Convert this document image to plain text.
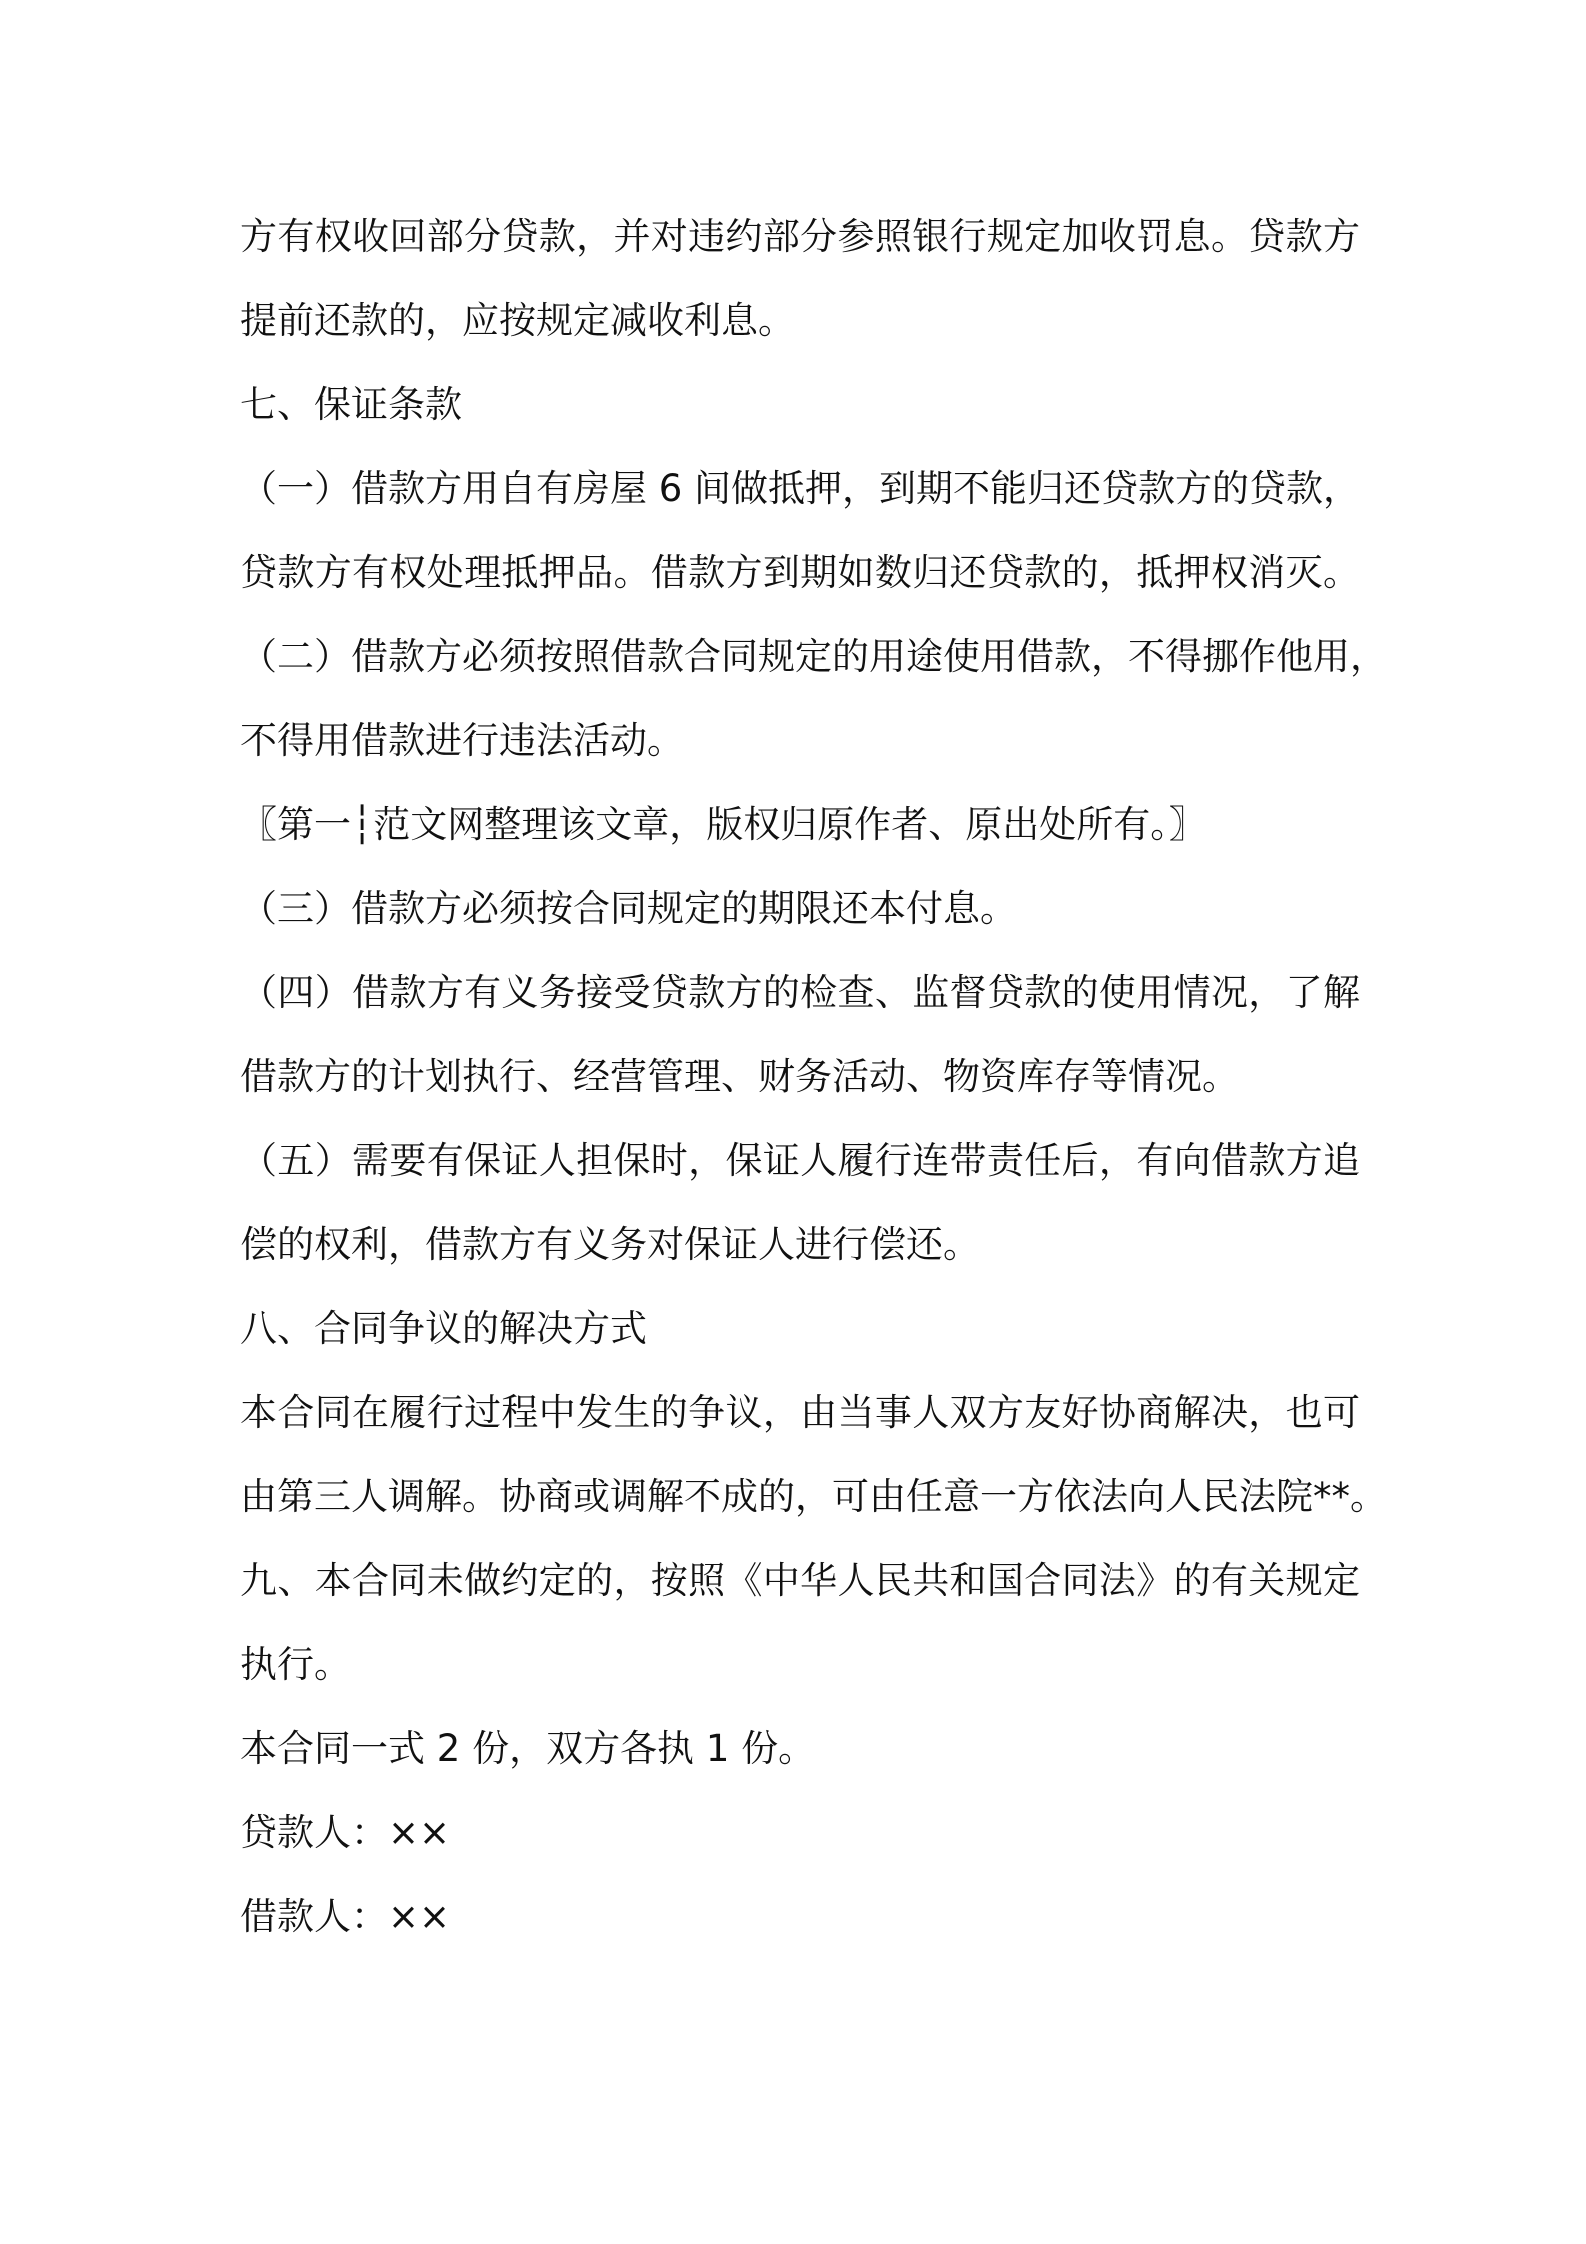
方有权收回部分贷款，并对违约部分参照银行规定加收罚息。贷款方
提前还款的，应按规定减收利息。
七、保证条款
（一）借款方用自有房屋 6 间做抵押，到期不能归还贷款方的贷款，
贷款方有权处理抵押品。借款方到期如数归还贷款的，抵押权消灭。
（二）借款方必须按照借款合同规定的用途使用借款，不得挪作他用，
不得用借款进行违法活动。
〖第一┆范文网整理该文章，版权归原作者、原出处所有。〗
（三）借款方必须按合同规定的期限还本付息。
（四）借款方有义务接受贷款方的检查、监督贷款的使用情况，了解
借款方的计划执行、经营管理、财务活动、物资库存等情况。
（五）需要有保证人担保时，保证人履行连带责任后，有向借款方追
偿的权利，借款方有义务对保证人进行偿还。
八、合同争议的解决方式
本合同在履行过程中发生的争议，由当事人双方友好协商解决，也可
由第三人调解。协商或调解不成的，可由任意一方依法向人民法院**。
九、本合同未做约定的，按照《中华人民共和国合同法》的有关规定
执行。
本合同一式 2 份，双方各执 1 份。
贷款人：××
借款人：××
